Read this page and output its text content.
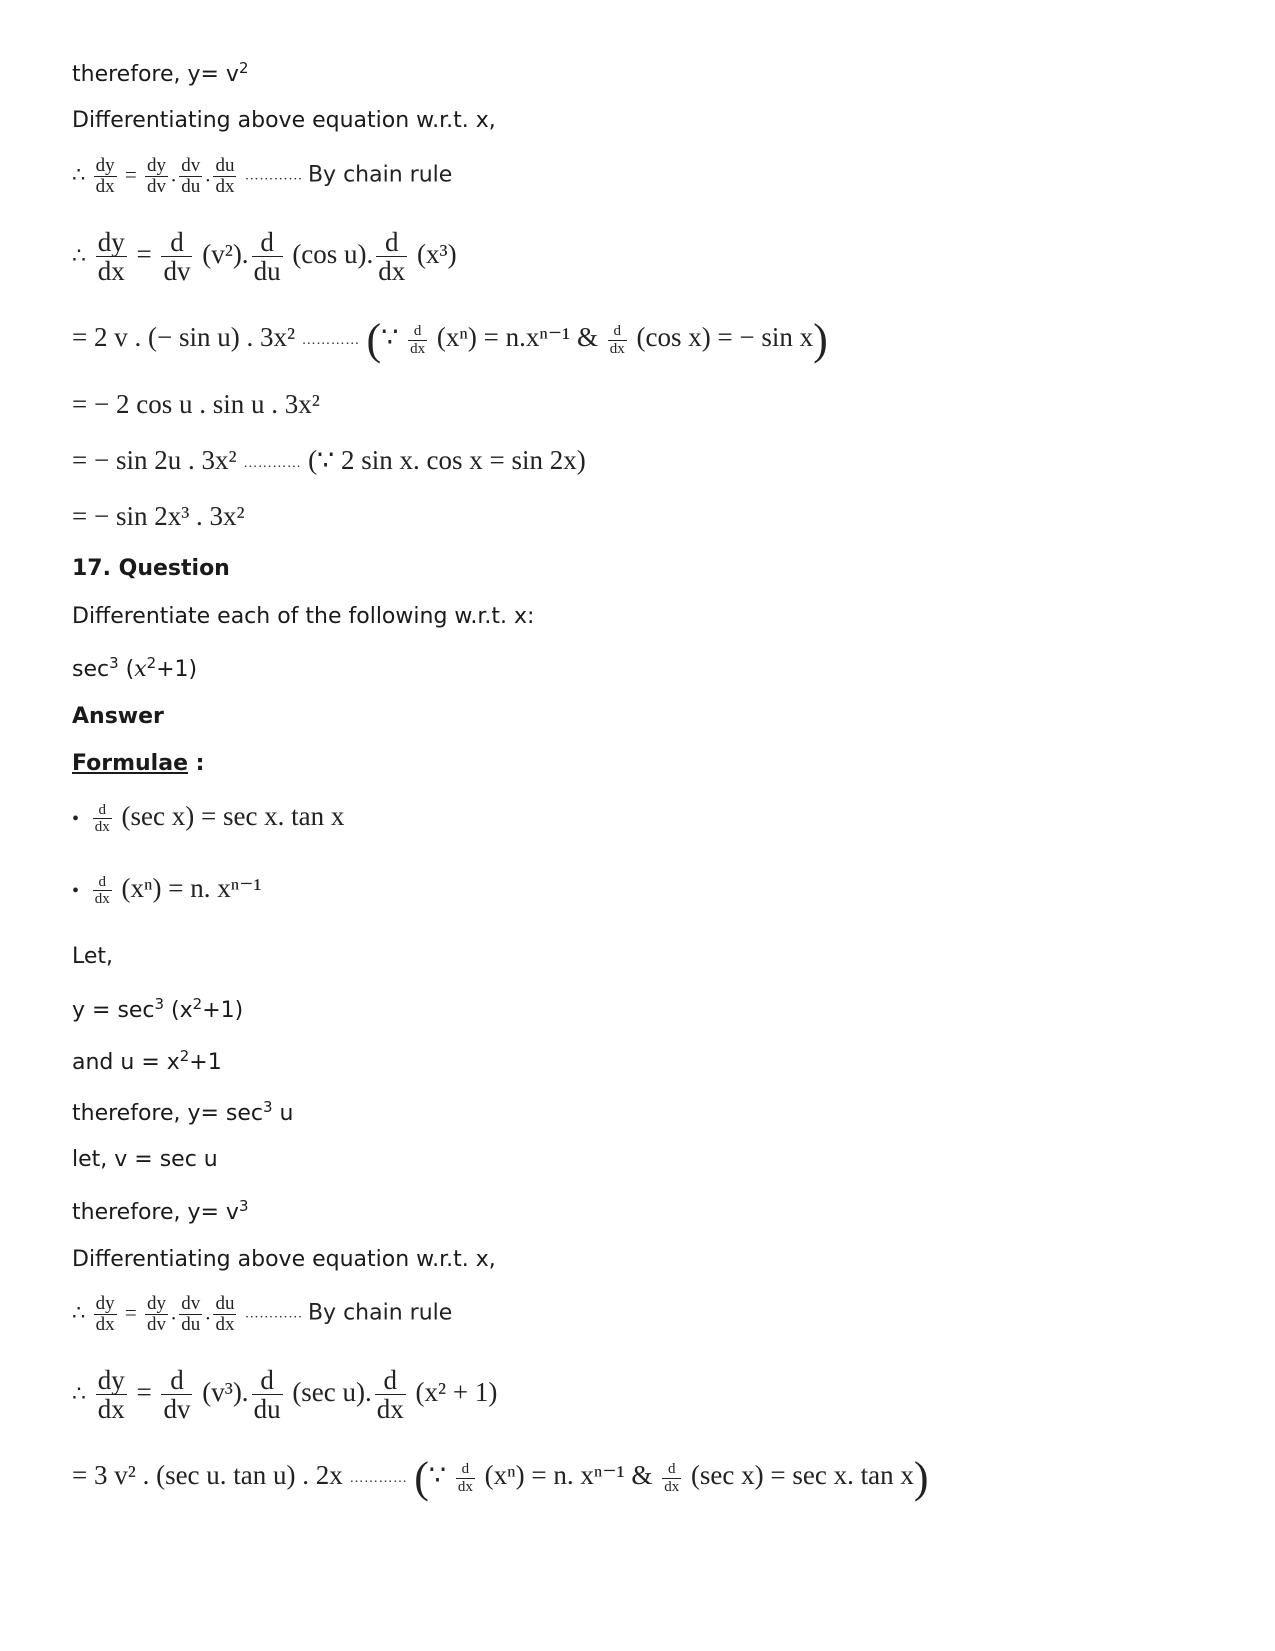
therefore, $y= v^2$
Differentiating above equation w.r.t. x,
∴ $\frac{dy}{dx} = \frac{dy}{dv}$ . $\frac{dv}{du}$ . $\frac{du}{dx}$ ………… By chain rule
∴ $\frac{dy}{dx} = \frac{d}{dv} (v^2)$. $\frac{d}{du} (\cos$ u). $\frac{d}{dx} (x^3)$
= 2 v . (− sin u) . 3x² ………… (∵ $\frac{d}{dx} (x^n) = n.x^{n-1}$ & $\frac{d}{dx} (\cos$ x) = − sin x)
= − 2 cos u . sin u . 3x²
= − sin 2u . 3x² ………… (∵ 2 sin x. cos x = sin 2x)
= − sin 2x³ . 3x²
17. Question
Differentiate each of the following w.r.t. x:
$\sec^3$ (𝑥$^2$+1)
Answer
Formulae :
• $\frac{d}{dx} (\sec$ x) = sec x. tan x
• $\frac{d}{dx} (x^n) = n$. xⁿ⁻¹
Let,
$y = \sec^3 (x^2+1)$
and $u = x^2+1$
therefore, $y= \sec^3 u$
let, v = sec u
therefore, $y= v^3$
Differentiating above equation w.r.t. x,
∴ $\frac{dy}{dx} = \frac{dy}{dv}$ . $\frac{dv}{du}$ . $\frac{du}{dx}$ ………… By chain rule
∴ $\frac{dy}{dx} = \frac{d}{dv} (v^3)$. $\frac{d}{du} (\sec$ u). $\frac{d}{dx} (x^2 + 1)$
= 3 v² . (sec u. tan u) . 2x ………… (∵ $\frac{d}{dx} (x^n) = n$. xⁿ⁻¹ & $\frac{d}{dx} (\sec$ x) = sec x. tan x)
